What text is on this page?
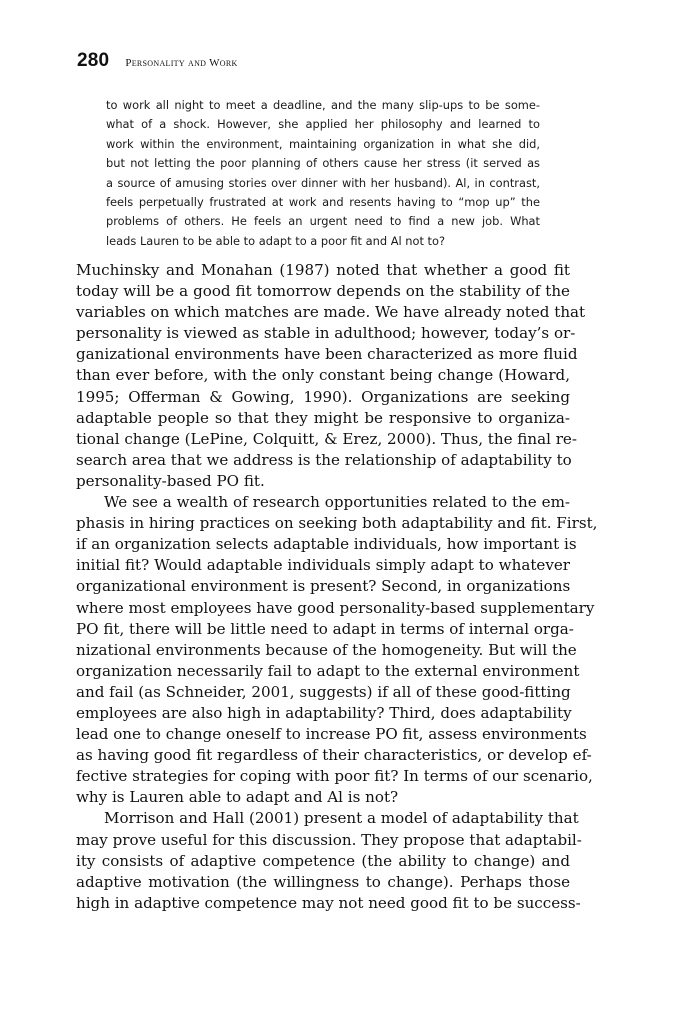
280 Personality and Work
to work all night to meet a deadline, and the many slip-ups to be some-
what of a shock. However, she applied her philosophy and learned to
work within the environment, maintaining organization in what she did,
but not letting the poor planning of others cause her stress (it served as
a source of amusing stories over dinner with her husband). Al, in contrast,
feels perpetually frustrated at work and resents having to “mop up” the
problems of others. He feels an urgent need to find a new job. What
leads Lauren to be able to adapt to a poor fit and Al not to?
Muchinsky and Monahan (1987) noted that whether a good fit
today will be a good fit tomorrow depends on the stability of the
variables on which matches are made. We have already noted that
personality is viewed as stable in adulthood; however, today’s or-
ganizational environments have been characterized as more fluid
than ever before, with the only constant being change (Howard,
1995; Offerman & Gowing, 1990). Organizations are seeking
adaptable people so that they might be responsive to organiza-
tional change (LePine, Colquitt, & Erez, 2000). Thus, the final re-
search area that we address is the relationship of adaptability to
personality-based PO fit.
We see a wealth of research opportunities related to the em-
phasis in hiring practices on seeking both adaptability and fit. First,
if an organization selects adaptable individuals, how important is
initial fit? Would adaptable individuals simply adapt to whatever
organizational environment is present? Second, in organizations
where most employees have good personality-based supplementary
PO fit, there will be little need to adapt in terms of internal orga-
nizational environments because of the homogeneity. But will the
organization necessarily fail to adapt to the external environment
and fail (as Schneider, 2001, suggests) if all of these good-fitting
employees are also high in adaptability? Third, does adaptability
lead one to change oneself to increase PO fit, assess environments
as having good fit regardless of their characteristics, or develop ef-
fective strategies for coping with poor fit? In terms of our scenario,
why is Lauren able to adapt and Al is not?
Morrison and Hall (2001) present a model of adaptability that
may prove useful for this discussion. They propose that adaptabil-
ity consists of adaptive competence (the ability to change) and
adaptive motivation (the willingness to change). Perhaps those
high in adaptive competence may not need good fit to be success-
